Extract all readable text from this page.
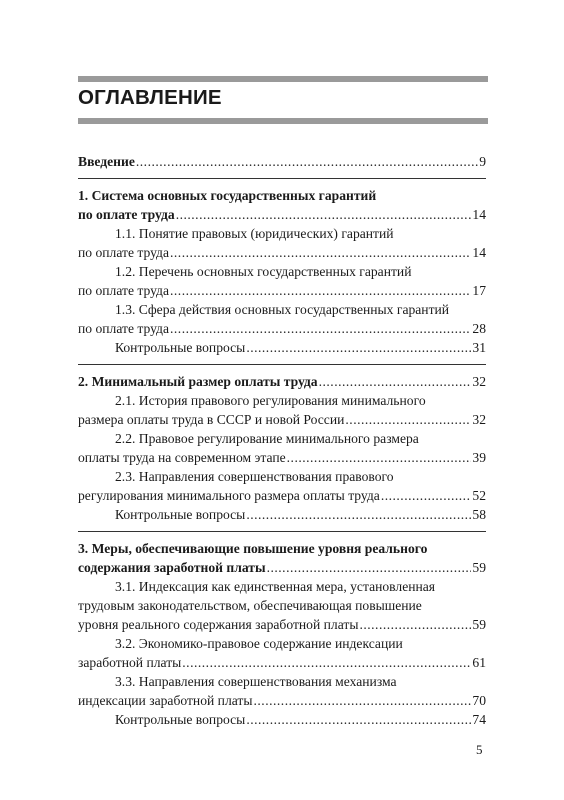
ОГЛАВЛЕНИЕ
Введение .....	9
1. Система основных государственных гарантий
по оплате труда .....	14
1.1. Понятие правовых (юридических) гарантий
по оплате труда .....	14
1.2. Перечень основных государственных гарантий
по оплате труда .....	17
1.3. Сфера действия основных государственных гарантий
по оплате труда .....	28
Контрольные вопросы .....	31
2. Минимальный размер оплаты труда .....	32
2.1. История правового регулирования минимального
размера оплаты труда в СССР и новой России .....	32
2.2. Правовое регулирование минимального размера
оплаты труда на современном этапе .....	39
2.3. Направления совершенствования правового
регулирования минимального размера оплаты труда .....	52
Контрольные вопросы .....	58
3. Меры, обеспечивающие повышение уровня реального
содержания заработной платы .....	59
3.1. Индексация как единственная мера, установленная
трудовым законодательством, обеспечивающая повышение
уровня реального содержания заработной платы .....	59
3.2. Экономико-правовое содержание индексации
заработной платы .....	61
3.3. Направления совершенствования механизма
индексации заработной платы .....	70
Контрольные вопросы .....	74
5
